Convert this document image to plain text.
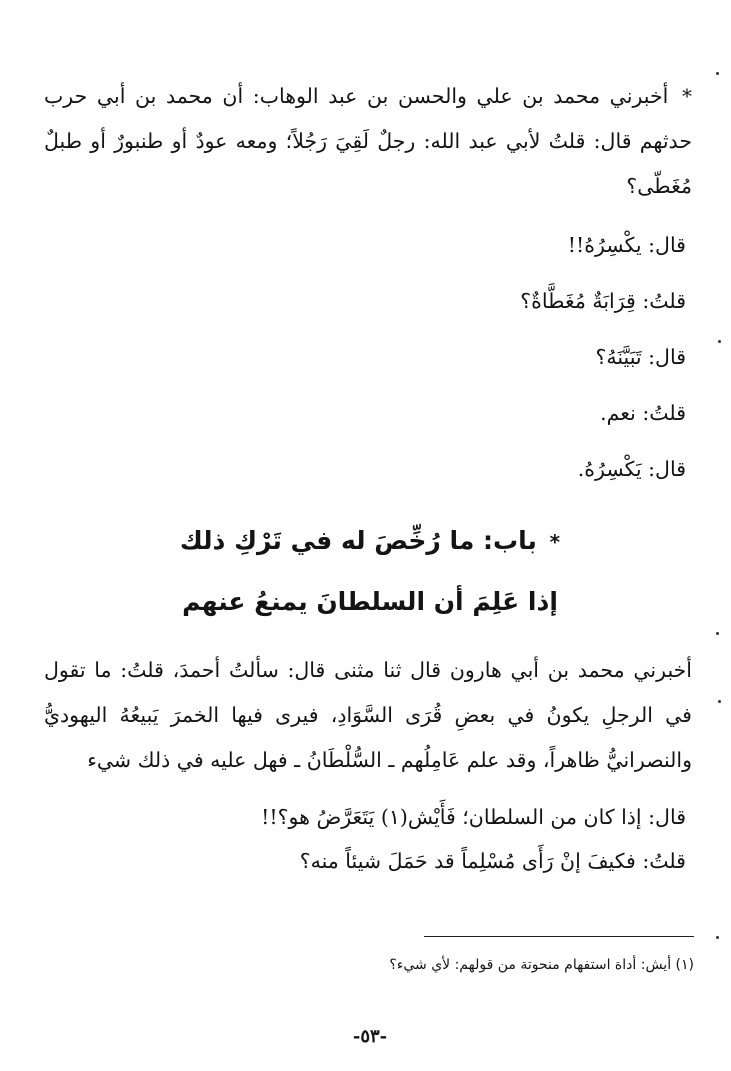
* أخبرني محمد بن علي والحسن بن عبد الوهاب: أن محمد بن أبي حرب حدثهم قال: قلتُ لأبي عبد الله: رجلٌ لَقِيَ رَجُلاً؛ ومعه عودٌ أو طنبورٌ أو طبلٌ مُغَطّى؟

قال: يكْسِرُهُ!!

قلتُ: قِرَابَةٌ مُغَطَّاةٌ؟

قال: تَبَيَّنَهُ؟

قلتُ: نعم.

قال: يَكْسِرُهُ.

* باب: ما رُخِّصَ له في تَرْكِ ذلك
إذا عَلِمَ أن السلطانَ يمنعُ عنهم

أخبرني محمد بن أبي هارون قال ثنا مثنى قال: سألتُ أحمدَ، قلتُ: ما تقول في الرجلِ يكونُ في بعضِ قُرَى السَّوَادِ، فيرى فيها الخمرَ يَبيعُهُ اليهوديُّ والنصرانيُّ ظاهراً، وقد علم عَامِلُهم ـ السُّلْطَانُ ـ فهل عليه في ذلك شيء

قال: إذا كان من السلطان؛ فَأَيْش(١) يَتَعَرَّضُ هو؟!!

قلتُ: فكيفَ إنْ رَأَى مُسْلِماً قد حَمَلَ شيئاً منه؟

(١) أيش: أداة استفهام منحوتة من قولهم: لأي شيء؟

-٥٣-
